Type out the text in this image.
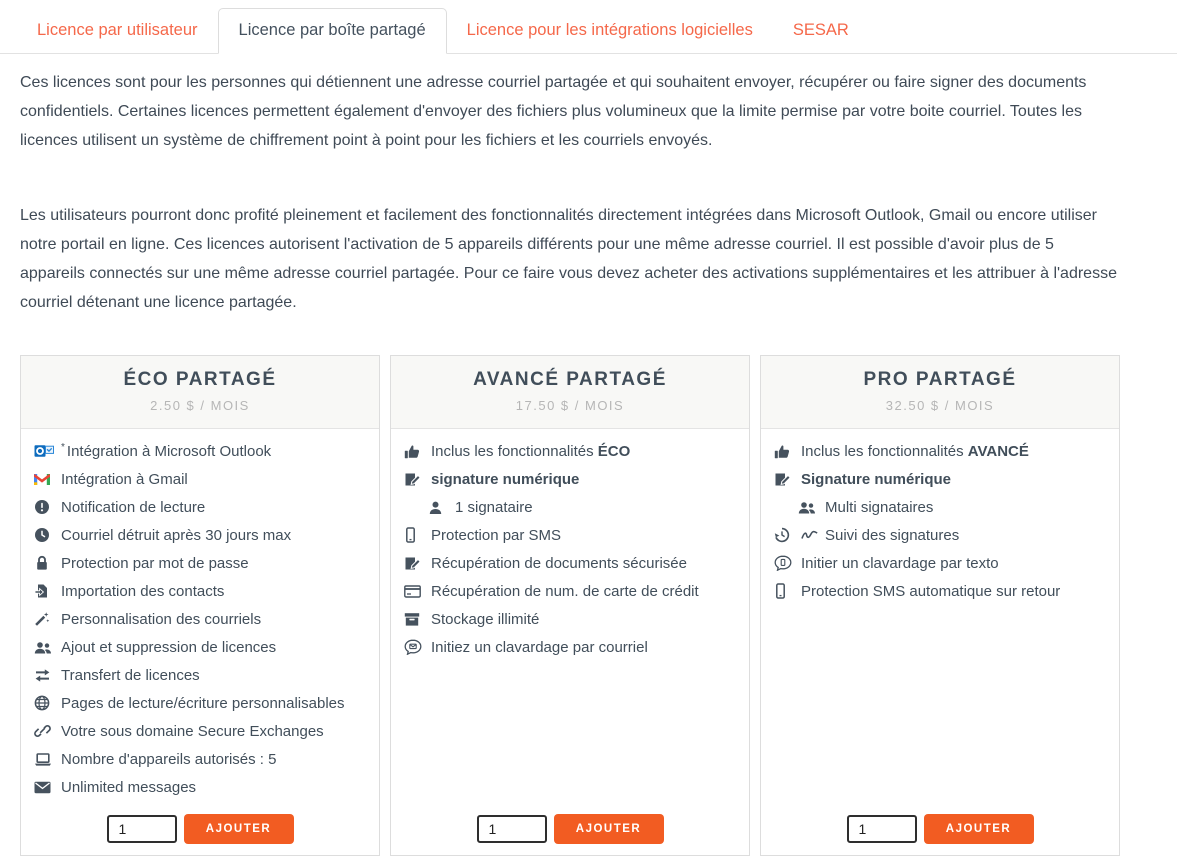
Licence par utilisateur	Licence par boîte partagé	Licence pour les intégrations logicielles	SESAR

Ces licences sont pour les personnes qui détiennent une adresse courriel partagée et qui souhaitent envoyer, récupérer ou faire signer des documents confidentiels. Certaines licences permettent également d'envoyer des fichiers plus volumineux que la limite permise par votre boite courriel. Toutes les licences utilisent un système de chiffrement point à point pour les fichiers et les courriels envoyés.

Les utilisateurs pourront donc profité pleinement et facilement des fonctionnalités directement intégrées dans Microsoft Outlook, Gmail ou encore utiliser notre portail en ligne. Ces licences autorisent l'activation de 5 appareils différents pour une même adresse courriel. Il est possible d'avoir plus de 5 appareils connectés sur une même adresse courriel partagée. Pour ce faire vous devez acheter des activations supplémentaires et les attribuer à l'adresse courriel détenant une licence partagée.

ÉCO PARTAGÉ
2.50 $ / MOIS
* Intégration à Microsoft Outlook
Intégration à Gmail
Notification de lecture
Courriel détruit après 30 jours max
Protection par mot de passe
Importation des contacts
Personnalisation des courriels
Ajout et suppression de licences
Transfert de licences
Pages de lecture/écriture personnalisables
Votre sous domaine Secure Exchanges
Nombre d'appareils autorisés : 5
Unlimited messages
1
AJOUTER
AVANCÉ PARTAGÉ
17.50 $ / MOIS
Inclus les fonctionnalités ÉCO
signature numérique
1 signataire
Protection par SMS
Récupération de documents sécurisée
Récupération de num. de carte de crédit
Stockage illimité
Initiez un clavardage par courriel
1
AJOUTER
PRO PARTAGÉ
32.50 $ / MOIS
Inclus les fonctionnalités AVANCÉ
Signature numérique
Multi signataires
Suivi des signatures
Initier un clavardage par texto
Protection SMS automatique sur retour
1
AJOUTER
